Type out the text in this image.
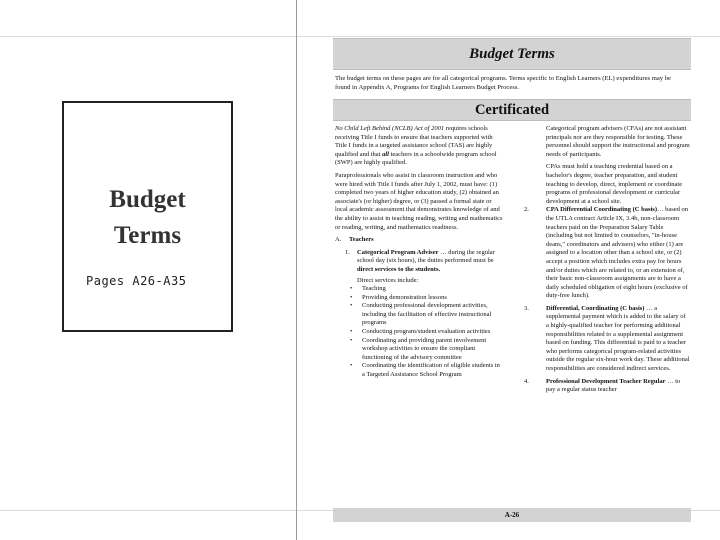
Budget
Terms
Pages A26-A35
Budget Terms
The budget terms on these pages are for all categorical programs. Terms specific to English Learners (EL) expenditures may be found in Appendix A, Programs for English Learners Budget Process.
Certificated

No Child Left Behind (NCLB) Act of 2001 requires schools receiving Title I funds to ensure that teachers supported with Title I funds in a targeted assistance school (TAS) are highly qualified and that all teachers in a schoolwide program school (SWP) are highly qualified.

Paraprofessionals who assist in classroom instruction and who were hired with Title I funds after July 1, 2002, must have: (1) completed two years of higher education study, (2) obtained an associate's (or higher) degree, or (3) passed a formal state or local academic assessment that demonstrates knowledge of and the ability to assist in teaching reading, writing and mathematics or reading, writing, and mathematics readiness.

A. Teachers

1. Categorical Program Adviser … during the regular school day (six hours), the duties performed must be direct services to the students.

Direct services include:

• Teaching

• Providing demonstration lessons

• Conducting professional development activities, including the facilitation of effective instructional programs

• Conducting program/student evaluation activities

• Coordinating and providing parent involvement workshop activities to ensure the compliant functioning of the advisory committee

• Coordinating the identification of eligible students in a Targeted Assistance School Program

Categorical program advisers (CFAs) are not assistant principals nor are they responsible for testing. These personnel should support the instructional and program needs of participants.

CPAs must hold a teaching credential based on a bachelor's degree, teacher preparation, and student teaching to develop, direct, implement or coordinate programs of professional development or curricular development at a school site.

2.	CPA Differential Coordinating (C basis)… based on the UTLA contract Article IX, 3.4b, non-classroom teachers paid on the Preparation Salary Table (including but not limited to counselors, "in-house deans," coordinators and advisers) who either (1) are assigned to a location other than a school site, or (2) accept a position which includes extra pay for hours and/or duties which are related to, or an extension of, their basic non-classroom assignments are to have a daily scheduled obligation of eight hours (exclusive of duty-free lunch).

3.	Differential, Coordinating (C basis) … a supplemental payment which is added to the salary of a highly-qualified teacher for performing additional responsibilities related to a supplemental assignment based on funding. This differential is paid to a teacher who performs categorical program-related activities outside the regular six-hour work day. These additional responsibilities are considered indirect services.

4.	Professional Development Teacher Regular … to pay a regular status teacher

A-26
